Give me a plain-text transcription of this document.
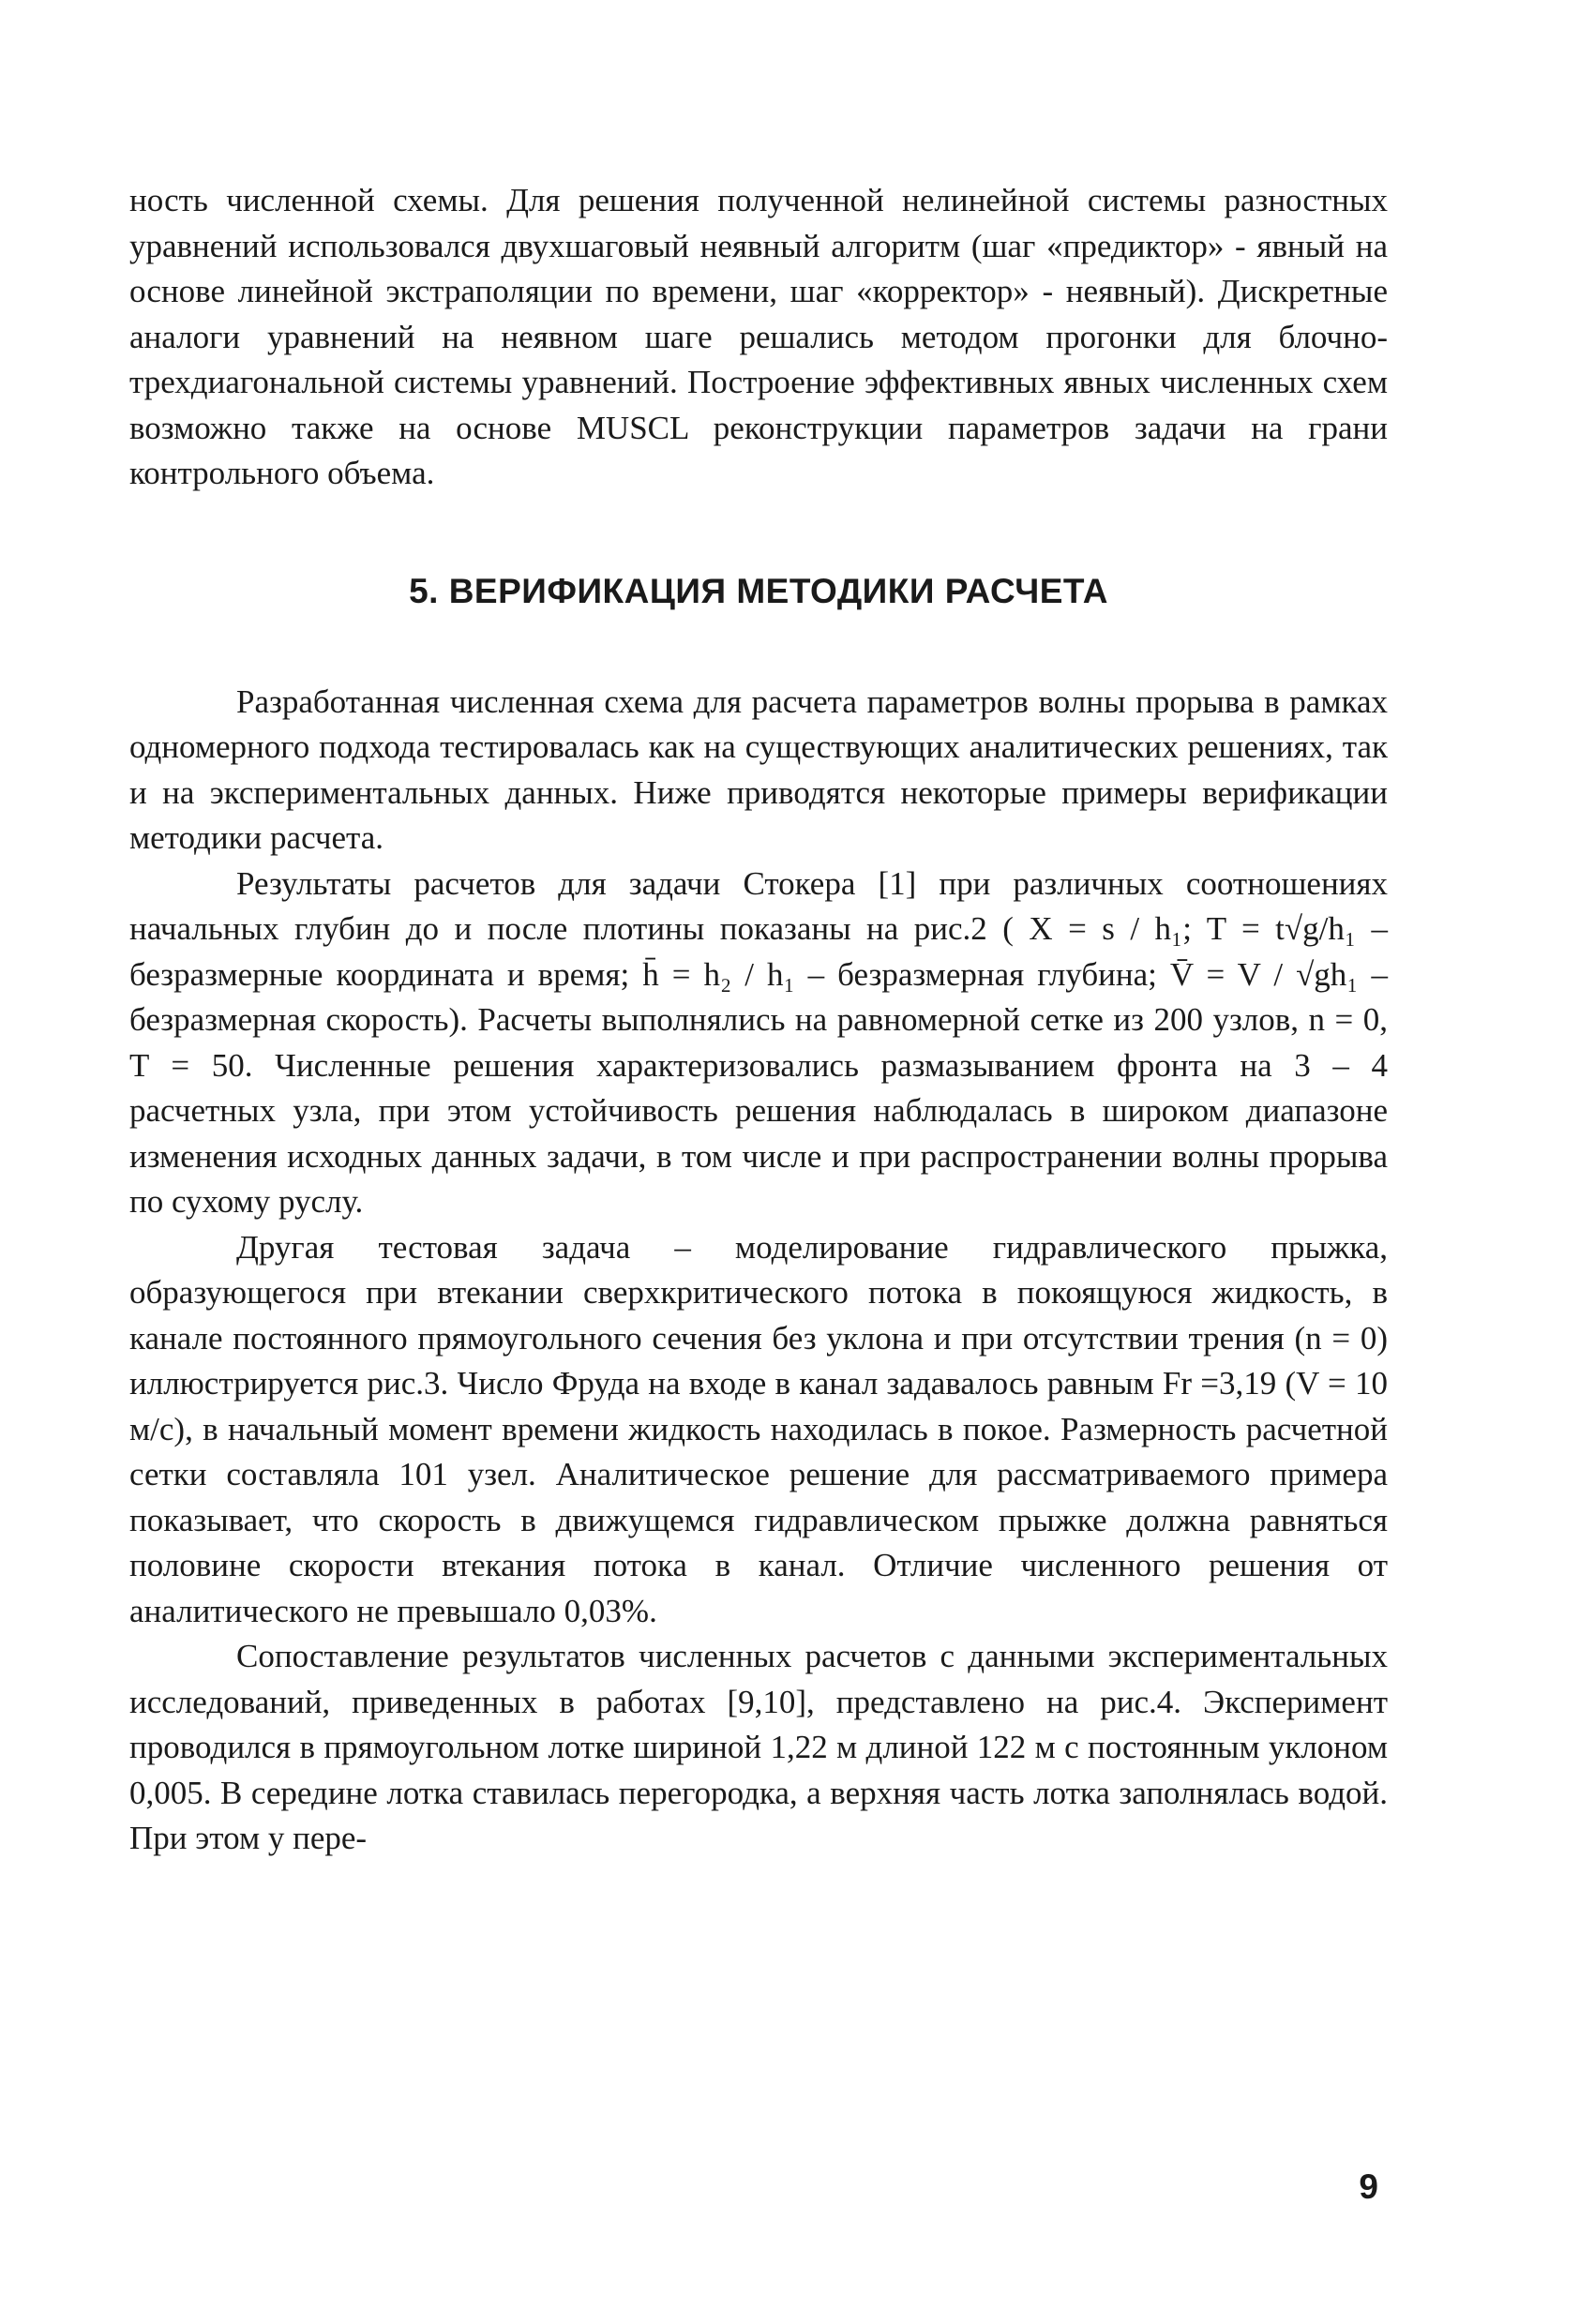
ность численной схемы. Для решения полученной нелинейной системы разностных уравнений использовался двухшаговый неявный алгоритм (шаг «предиктор» - явный на основе линейной экстраполяции по времени, шаг «корректор» - неявный). Дискретные аналоги уравнений на неявном шаге решались методом прогонки для блочно-трехдиагональной системы уравнений. Построение эффективных явных численных схем возможно также на основе MUSCL реконструкции параметров задачи на грани контрольного объема.

5. ВЕРИФИКАЦИЯ МЕТОДИКИ РАСЧЕТА

Разработанная численная схема для расчета параметров волны прорыва в рамках одномерного подхода тестировалась как на существующих аналитических решениях, так и на экспериментальных данных. Ниже приводятся некоторые примеры верификации методики расчета.

Результаты расчетов для задачи Стокера [1] при различных соотношениях начальных глубин до и после плотины показаны на рис.2 ( X = s / h₁; T = t√g/h₁ – безразмерные координата и время; h̄ = h₂ / h₁ – безразмерная глубина; V̄ = V / √gh₁ – безразмерная скорость). Расчеты выполнялись на равномерной сетке из 200 узлов, n = 0, T = 50. Численные решения характеризовались размазыванием фронта на 3 – 4 расчетных узла, при этом устойчивость решения наблюдалась в широком диапазоне изменения исходных данных задачи, в том числе и при распространении волны прорыва по сухому руслу.

Другая тестовая задача – моделирование гидравлического прыжка, образующегося при втекании сверхкритического потока в покоящуюся жидкость, в канале постоянного прямоугольного сечения без уклона и при отсутствии трения (n = 0) иллюстрируется рис.3. Число Фруда на входе в канал задавалось равным Fr =3,19 (V = 10 м/с), в начальный момент времени жидкость находилась в покое. Размерность расчетной сетки составляла 101 узел. Аналитическое решение для рассматриваемого примера показывает, что скорость в движущемся гидравлическом прыжке должна равняться половине скорости втекания потока в канал. Отличие численного решения от аналитического не превышало 0,03%.

Сопоставление результатов численных расчетов с данными экспериментальных исследований, приведенных в работах [9,10], представлено на рис.4. Эксперимент проводился в прямоугольном лотке шириной 1,22 м длиной 122 м с постоянным уклоном 0,005. В середине лотка ставилась перегородка, а верхняя часть лотка заполнялась водой. При этом у пере-

9
